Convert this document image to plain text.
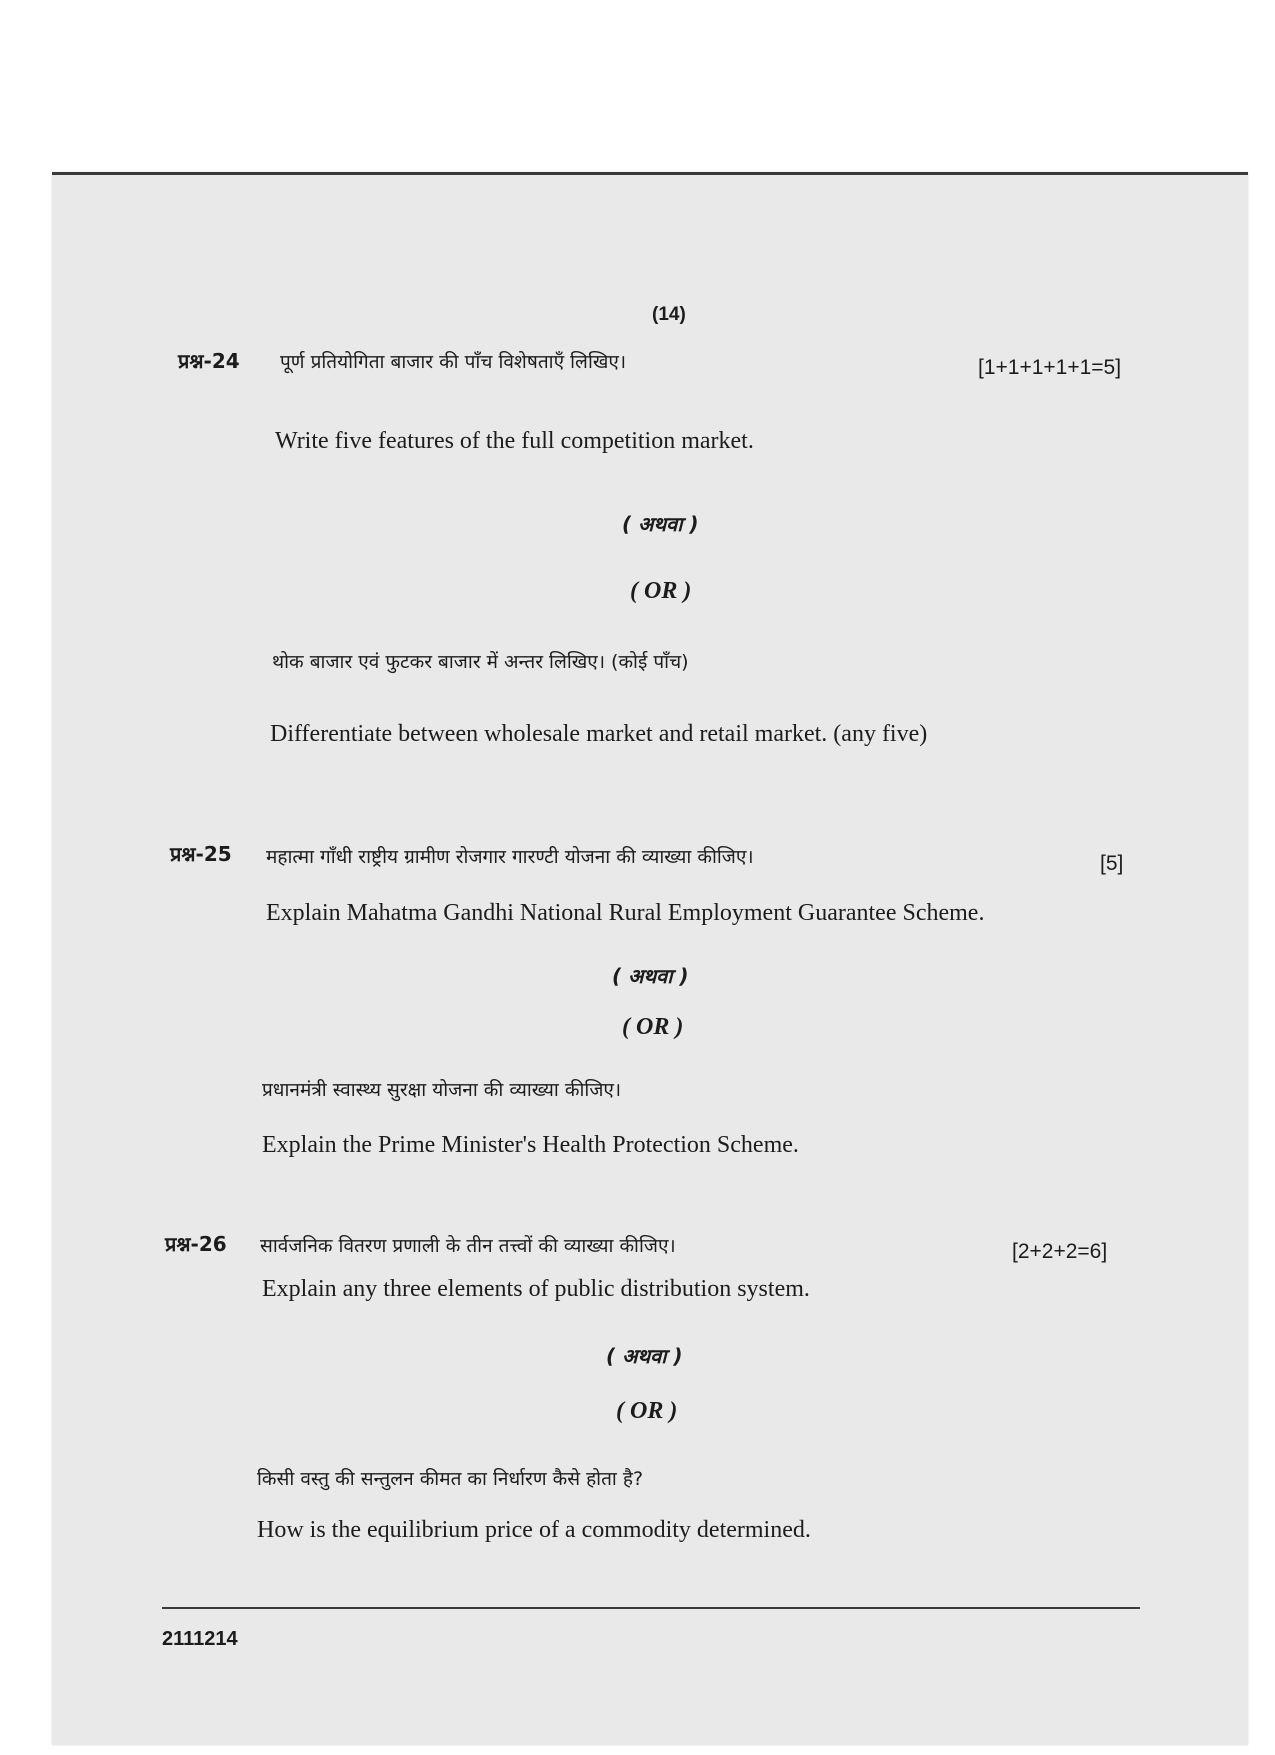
(14)
प्रश्न-24 पूर्ण प्रतियोगिता बाजार की पाँच विशेषताएँ लिखिए।	[1+1+1+1+1=5]
Write five features of the full competition market.
( अथवा )
( OR )
थोक बाजार एवं फुटकर बाजार में अन्तर लिखिए। (कोई पाँच)
Differentiate between wholesale market and retail market. (any five)
प्रश्न-25 महात्मा गाँधी राष्ट्रीय ग्रामीण रोजगार गारण्टी योजना की व्याख्या कीजिए।	[5]
Explain Mahatma Gandhi National Rural Employment Guarantee Scheme.
( अथवा )
( OR )
प्रधानमंत्री स्वास्थ्य सुरक्षा योजना की व्याख्या कीजिए।
Explain the Prime Minister's Health Protection Scheme.
प्रश्न-26 सार्वजनिक वितरण प्रणाली के तीन तत्त्वों की व्याख्या कीजिए।	[2+2+2=6]
Explain any three elements of public distribution system.
( अथवा )
( OR )
किसी वस्तु की सन्तुलन कीमत का निर्धारण कैसे होता है?
How is the equilibrium price of a commodity determined.
2111214
